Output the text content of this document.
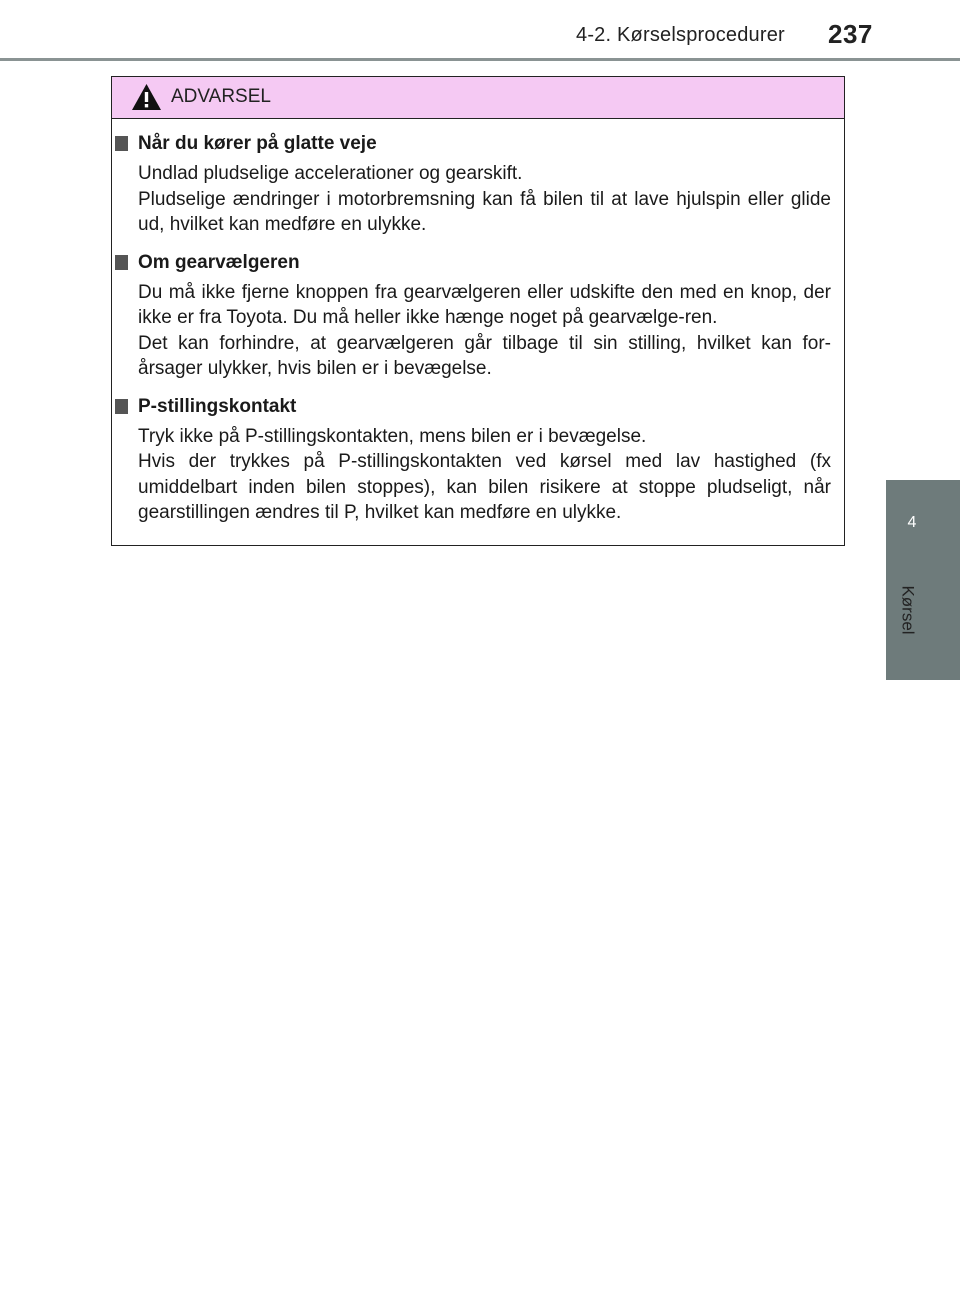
4-2. Kørselsprocedurer 237
4
Kørsel
ADVARSEL
Når du kører på glatte veje

Undlad pludselige accelerationer og gearskift.

Pludselige ændringer i motorbremsning kan få bilen til at lave hjulspin eller glide ud, hvilket kan medføre en ulykke.

Om gearvælgeren

Du må ikke fjerne knoppen fra gearvælgeren eller udskifte den med en knop, der ikke er fra Toyota. Du må heller ikke hænge noget på gearvælge-ren.

Det kan forhindre, at gearvælgeren går tilbage til sin stilling, hvilket kan for-årsager ulykker, hvis bilen er i bevægelse.

P-stillingskontakt

Tryk ikke på P-stillingskontakten, mens bilen er i bevægelse.

Hvis der trykkes på P-stillingskontakten ved kørsel med lav hastighed (fx umiddelbart inden bilen stoppes), kan bilen risikere at stoppe pludseligt, når gearstillingen ændres til P, hvilket kan medføre en ulykke.
